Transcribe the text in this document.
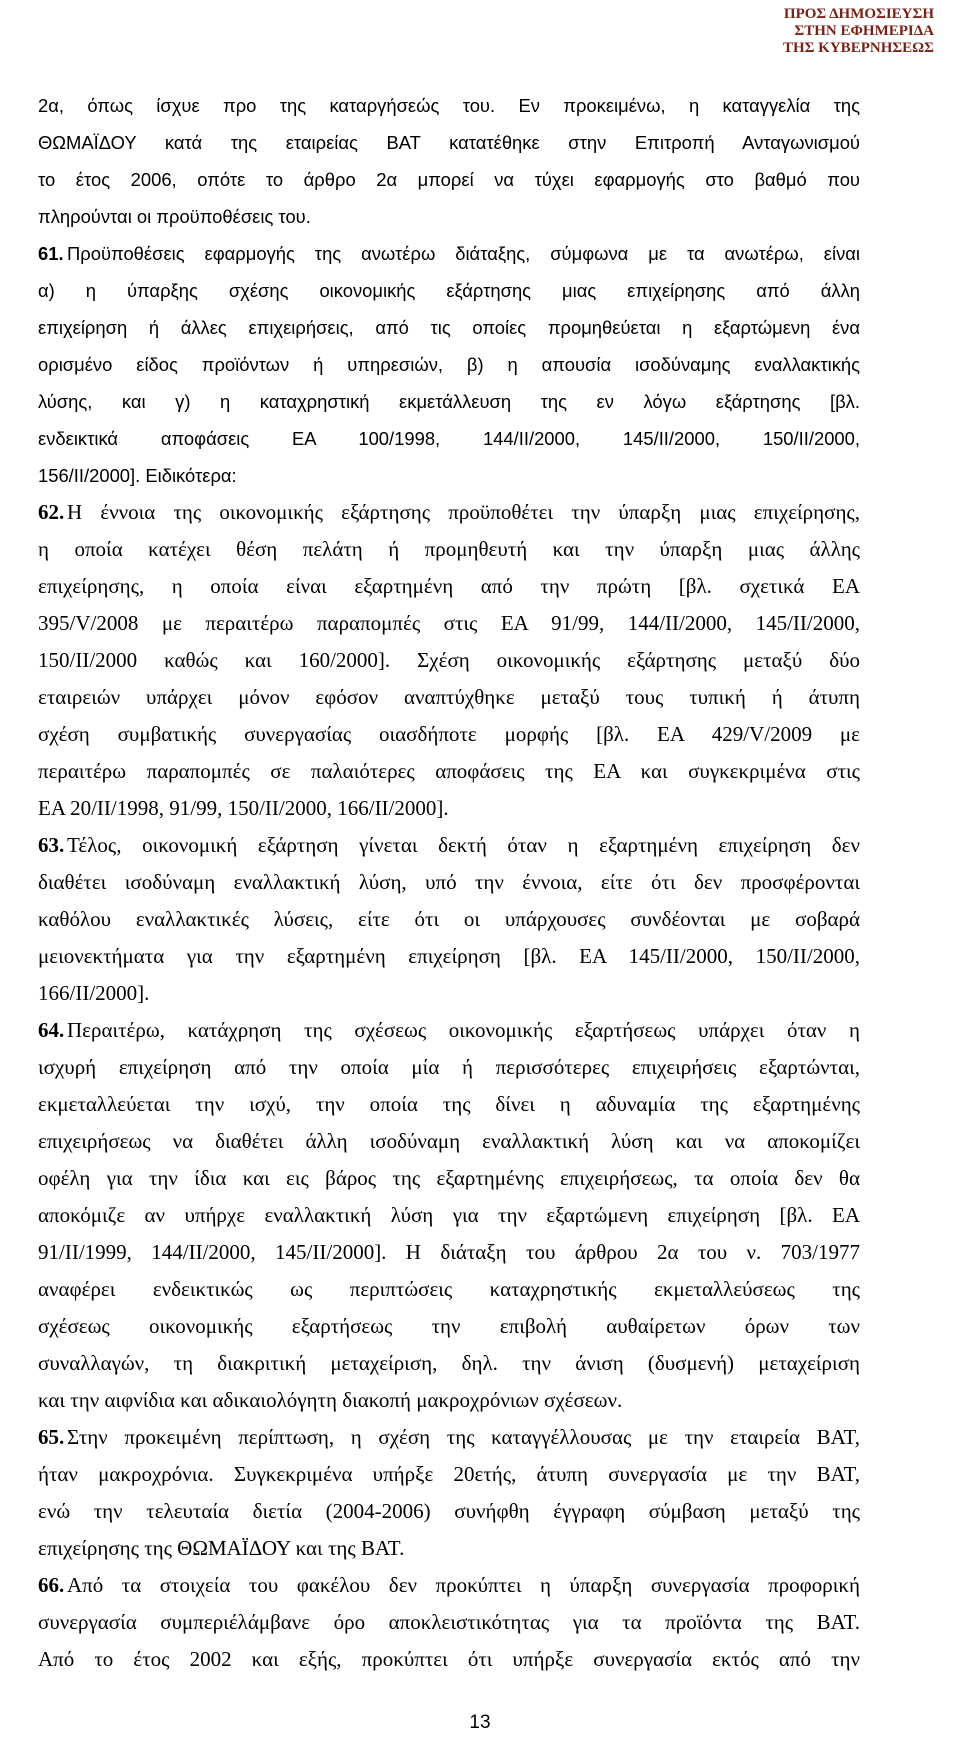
ΠΡΟΣ ΔΗΜΟΣΙΕΥΣΗ
ΣΤΗΝ ΕΦΗΜΕΡΙΔΑ
ΤΗΣ ΚΥΒΕΡΝΗΣΕΩΣ
2α, όπως ίσχυε προ της καταργήσεώς του. Εν προκειμένω, η καταγγελία της
ΘΩΜΑΪΔΟΥ κατά της εταιρείας ΒΑΤ κατατέθηκε στην Επιτροπή Ανταγωνισμού
το έτος 2006, οπότε το άρθρο 2α μπορεί να τύχει εφαρμογής στο βαθμό που
πληρούνται οι προϋποθέσεις του.
61. Προϋποθέσεις εφαρμογής της ανωτέρω διάταξης, σύμφωνα με τα ανωτέρω, είναι
α) η ύπαρξης σχέσης οικονομικής εξάρτησης μιας επιχείρησης από άλλη
επιχείρηση ή άλλες επιχειρήσεις, από τις οποίες προμηθεύεται η εξαρτώμενη ένα
ορισμένο είδος προϊόντων ή υπηρεσιών, β) η απουσία ισοδύναμης εναλλακτικής
λύσης, και γ) η καταχρηστική εκμετάλλευση της εν λόγω εξάρτησης [βλ.
ενδεικτικά αποφάσεις ΕΑ 100/1998, 144/ΙΙ/2000, 145/ΙΙ/2000, 150/ΙΙ/2000,
156/ΙΙ/2000]. Ειδικότερα:
62. Η έννοια της οικονομικής εξάρτησης προϋποθέτει την ύπαρξη μιας επιχείρησης,
η οποία κατέχει θέση πελάτη ή προμηθευτή και την ύπαρξη μιας άλλης
επιχείρησης, η οποία είναι εξαρτημένη από την πρώτη [βλ. σχετικά ΕΑ
395/V/2008 με περαιτέρω παραπομπές στις ΕΑ 91/99, 144/ΙΙ/2000, 145/ΙΙ/2000,
150/ΙΙ/2000 καθώς και 160/2000]. Σχέση οικονομικής εξάρτησης μεταξύ δύο
εταιρειών υπάρχει μόνον εφόσον αναπτύχθηκε μεταξύ τους τυπική ή άτυπη
σχέση συμβατικής συνεργασίας οιασδήποτε μορφής [βλ. ΕΑ 429/V/2009 με
περαιτέρω παραπομπές σε παλαιότερες αποφάσεις της ΕΑ και συγκεκριμένα στις
ΕΑ 20/ΙΙ/1998, 91/99, 150/ΙΙ/2000, 166/ΙΙ/2000].
63. Τέλος, οικονομική εξάρτηση γίνεται δεκτή όταν η εξαρτημένη επιχείρηση δεν
διαθέτει ισοδύναμη εναλλακτική λύση, υπό την έννοια, είτε ότι δεν προσφέρονται
καθόλου εναλλακτικές λύσεις, είτε ότι οι υπάρχουσες συνδέονται με σοβαρά
μειονεκτήματα για την εξαρτημένη επιχείρηση [βλ. ΕΑ 145/ΙΙ/2000, 150/ΙΙ/2000,
166/ΙΙ/2000].
64. Περαιτέρω, κατάχρηση της σχέσεως οικονομικής εξαρτήσεως υπάρχει όταν η
ισχυρή επιχείρηση από την οποία μία ή περισσότερες επιχειρήσεις εξαρτώνται,
εκμεταλλεύεται την ισχύ, την οποία της δίνει η αδυναμία της εξαρτημένης
επιχειρήσεως να διαθέτει άλλη ισοδύναμη εναλλακτική λύση και να αποκομίζει
οφέλη για την ίδια και εις βάρος της εξαρτημένης επιχειρήσεως, τα οποία δεν θα
αποκόμιζε αν υπήρχε εναλλακτική λύση για την εξαρτώμενη επιχείρηση [βλ. ΕΑ
91/ΙΙ/1999, 144/ΙΙ/2000, 145/ΙΙ/2000]. Η διάταξη του άρθρου 2α του ν. 703/1977
αναφέρει ενδεικτικώς ως περιπτώσεις καταχρηστικής εκμεταλλεύσεως της
σχέσεως οικονομικής εξαρτήσεως την επιβολή αυθαίρετων όρων των
συναλλαγών, τη διακριτική μεταχείριση, δηλ. την άνιση (δυσμενή) μεταχείριση
και την αιφνίδια και αδικαιολόγητη διακοπή μακροχρόνιων σχέσεων.
65. Στην προκειμένη περίπτωση, η σχέση της καταγγέλλουσας με την εταιρεία ΒΑΤ,
ήταν μακροχρόνια. Συγκεκριμένα υπήρξε 20ετής, άτυπη συνεργασία με την ΒΑΤ,
ενώ την τελευταία διετία (2004-2006) συνήφθη έγγραφη σύμβαση μεταξύ της
επιχείρησης της ΘΩΜΑΪΔΟΥ και της ΒΑΤ.
66. Από τα στοιχεία του φακέλου δεν προκύπτει η ύπαρξη συνεργασία προφορική
συνεργασία συμπεριέλάμβανε όρο αποκλειστικότητας για τα προϊόντα της ΒΑΤ.
Από το έτος 2002 και εξής, προκύπτει ότι υπήρξε συνεργασία εκτός από την
13
